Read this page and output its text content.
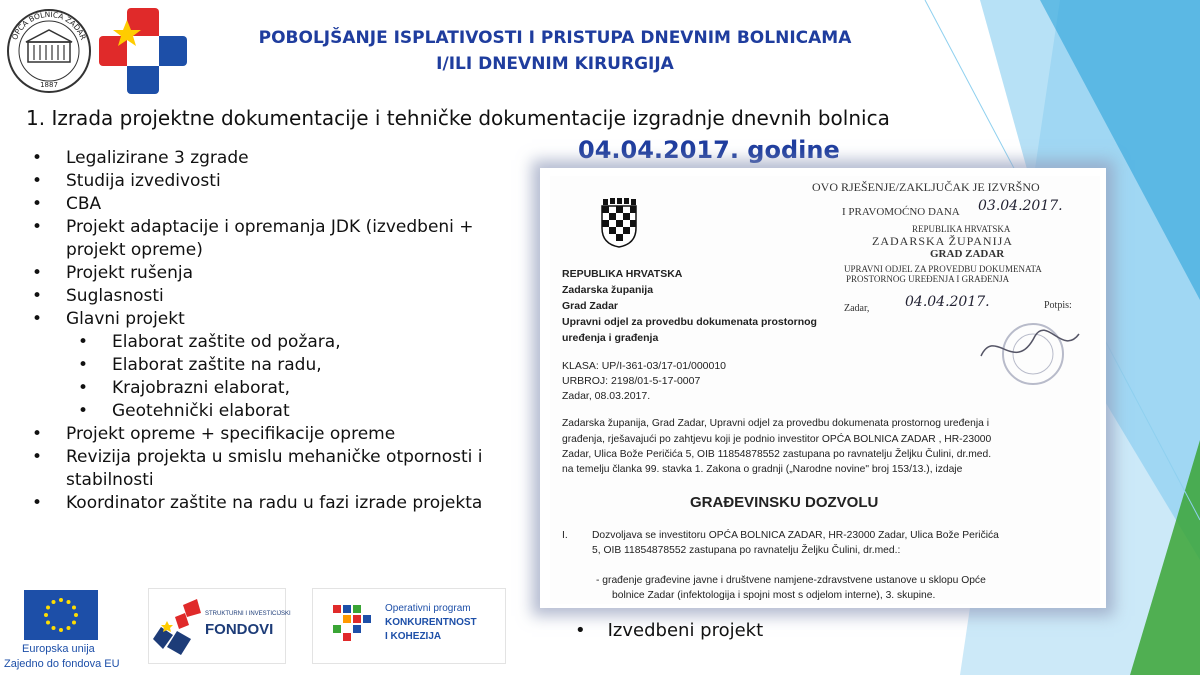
OPĆA BOLNICA ZADAR
1887
POBOLJŠANJE ISPLATIVOSTI I PRISTUPA DNEVNIM BOLNICAMA
I/ILI DNEVNIM KIRURGIJA
1. Izrada projektne dokumentacije i tehničke dokumentacije izgradnje dnevnih bolnica
04.04.2017. godine
• Legalizirane 3 zgrade
• Studija izvedivosti
• CBA
• Projekt adaptacije i opremanja JDK (izvedbeni +
projekt opreme)
• Projekt rušenja
• Suglasnosti
• Glavni projekt
• Elaborat zaštite od požara,
• Elaborat zaštite na radu,
• Krajobrazni elaborat,
• Geotehnički elaborat
• Projekt opreme + specifikacije opreme
• Revizija projekta u smislu mehaničke otpornosti i
stabilnosti
• Koordinator zaštite na radu u fazi izrade projekta
OVO RJEŠENJE/ZAKLJUČAK JE IZVRŠNO
I PRAVOMOĆNO DANA 03.04.2017.
REPUBLIKA HRVATSKA
ZADARSKA ŽUPANIJA
GRAD ZADAR
UPRAVNI ODJEL ZA PROVEDBU DOKUMENATA
PROSTORNOG UREĐENJA I GRAĐENJA
Zadar,	04.04.2017.	Potpis:
REPUBLIKA HRVATSKA
Zadarska županija
Grad Zadar
Upravni odjel za provedbu dokumenata prostornog
uređenja i građenja
KLASA: UP/I-361-03/17-01/000010
URBROJ: 2198/01-5-17-0007
Zadar, 08.03.2017.
Zadarska županija, Grad Zadar, Upravni odjel za provedbu dokumenata prostornog uređenja i
građenja, rješavajući po zahtjevu koji je podnio investitor OPĆA BOLNICA ZADAR , HR-23000
Zadar, Ulica Bože Peričića 5, OIB 11854878552 zastupana po ravnatelju Željku Čulini, dr.med.
na temelju članka 99. stavka 1. Zakona o gradnji („Narodne novine" broj 153/13.), izdaje
GRAĐEVINSKU DOZVOLU
I. Dozvoljava se investitoru OPĆA BOLNICA ZADAR, HR-23000 Zadar, Ulica Bože Peričića
5, OIB 11854878552 zastupana po ravnatelju Željku Čulini, dr.med.:
- građenje građevine javne i društvene namjene-zdravstvene ustanove u sklopu Opće
bolnice Zadar (infektologija i spojni most s odjelom interne), 3. skupine.
• Izvedbeni projekt
Europska unija
Zajedno do fondova EU
STRUKTURNI I INVESTICIJSKI
FONDOVI
Operativni program
KONKURENTNOST
I KOHEZIJA
